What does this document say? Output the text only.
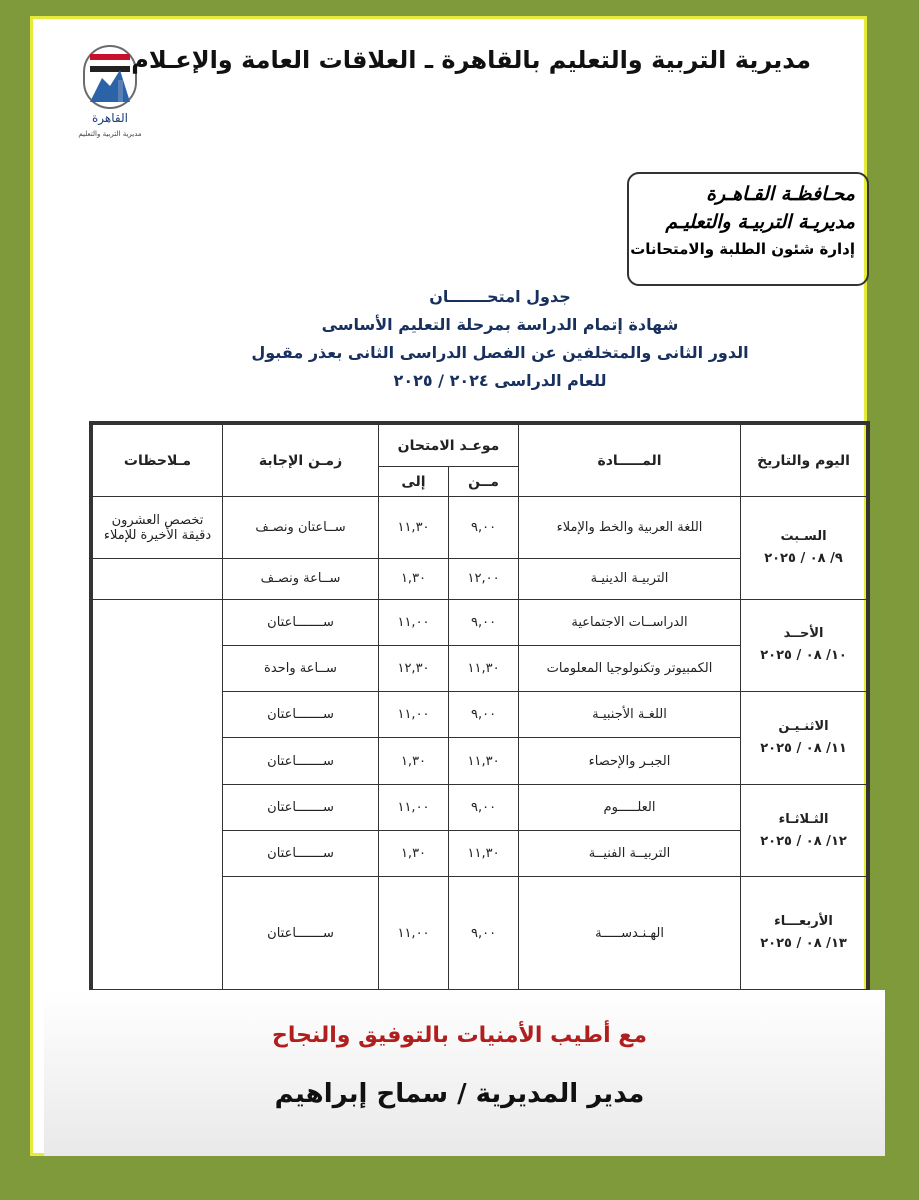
القاهرة
مديرية التربية والتعليم
مديرية التربية والتعليم بالقاهرة ـ العلاقات العامة والإعـلام
محـافظـة القـاهـرة
مديريـة التربيـة والتعليـم
إدارة شئون الطلبة والامتحانات
جدول امتحـــــــان
شهادة إتمام الدراسة بمرحلة التعليم الأساسى
الدور الثانى والمتخلفين عن الفصل الدراسى الثانى بعذر مقبول
للعام الدراسى ٢٠٢٤ / ٢٠٢٥
اليوم والتاريخ	المـــــادة	موعـد الامتحان		زمـن الإجابة	مـلاحظات
		مــن	إلى		

السـبت
٩/ ٠٨ / ٢٠٢٥	اللغة العربية والخط والإملاء	٩,٠٠	١١,٣٠	ســاعتان ونصـف	تخصص العشرون دقيقة الأخيرة للإملاء
	التربيـة الدينيـة	١٢,٠٠	١,٣٠	ســاعة ونصـف	

الأحــد
١٠/ ٠٨ / ٢٠٢٥	الدراســات الاجتماعية	٩,٠٠	١١,٠٠	ســـــــاعتان	
	الكمبيوتر وتكنولوجيا المعلومات	١١,٣٠	١٢,٣٠	ســاعة واحدة	

الاثنـيـن
١١/ ٠٨ / ٢٠٢٥	اللغـة الأجنبيـة	٩,٠٠	١١,٠٠	ســـــــاعتان	
	الجبـر والإحصاء	١١,٣٠	١,٣٠	ســـــــاعتان	

الثـلاثـاء
١٢/ ٠٨ / ٢٠٢٥	العلـــــوم	٩,٠٠	١١,٠٠	ســـــــاعتان	
	التربيــة الفنيــة	١١,٣٠	١,٣٠	ســـــــاعتان	

الأربعـــاء
١٣/ ٠٨ / ٢٠٢٥	الهـنـدســـــة	٩,٠٠	١١,٠٠	ســـــــاعتان	
مع أطيب الأمنيات بالتوفيق والنجاح
مدير المديرية / سماح إبراهيم
